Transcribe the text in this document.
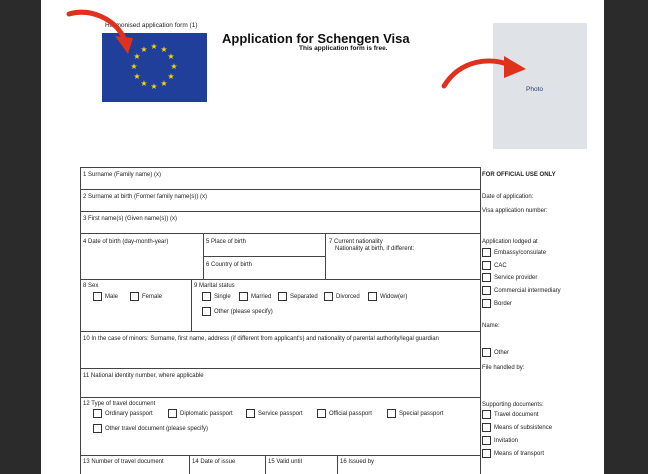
★ ★
★
★
★
★
★
★
★
★
★
★
Harmonised application form (1)
Application for Schengen Visa
This application form is free.
Photo
1 Surname (Family name) (x)
2 Surname at birth (Former family name(s)) (x)
3 First name(s) (Given name(s)) (x)
4 Date of birth (day-month-year)	5 Place of birth
6 Country of birth
7 Current nationality
Nationality at birth, if different:
8 Sex	9 Marital status
Male	Female	Single	Married	Separated	Divorced	Widow(er)
Other (please specify)
10 In the case of minors: Surname, first name, address (if different from applicant's) and nationality of parental authority/legal guardian
11 National identity number, where applicable
12 Type of travel document
Ordinary passport	Diplomatic passport	Service passport	Official passport	Special passport
Other travel document (please specify)
13 Number of travel document	14 Date of issue	15 Valid until	16 Issued by
FOR OFFICIAL USE ONLY
Date of application:
Visa application number:
Application lodged at
Embassy/consulate
CAC
Service provider
Commercial intermediary
Border
Name:
Other
File handled by:
Supporting documents:
Travel document
Means of subsistence
Invitation
Means of transport
